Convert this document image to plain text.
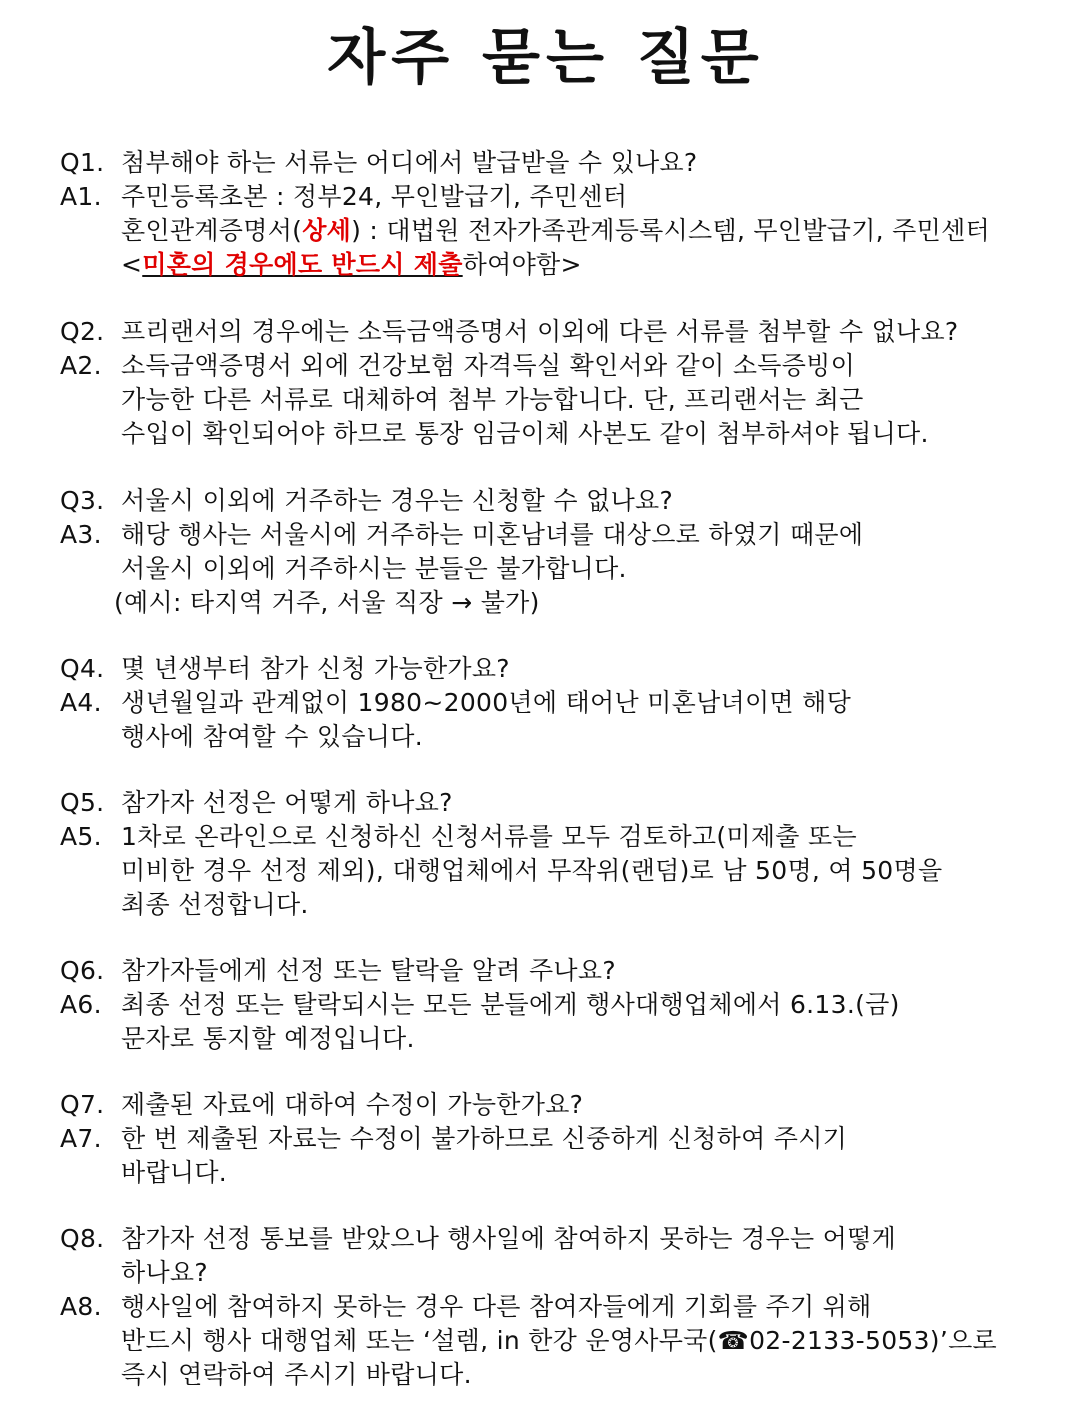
자주 묻는 질문
Q1. 첨부해야 하는 서류는 어디에서 발급받을 수 있나요?
A1. 주민등록초본 : 정부24, 무인발급기, 주민센터
혼인관계증명서(상세) : 대법원 전자가족관계등록시스템, 무인발급기, 주민센터
<미혼의 경우에도 반드시 제출하여야함>
Q2. 프리랜서의 경우에는 소득금액증명서 이외에 다른 서류를 첨부할 수 없나요?
A2. 소득금액증명서 외에 건강보험 자격득실 확인서와 같이 소득증빙이
가능한 다른 서류로 대체하여 첨부 가능합니다. 단, 프리랜서는 최근
수입이 확인되어야 하므로 통장 임금이체 사본도 같이 첨부하셔야 됩니다.
Q3. 서울시 이외에 거주하는 경우는 신청할 수 없나요?
A3. 해당 행사는 서울시에 거주하는 미혼남녀를 대상으로 하였기 때문에
서울시 이외에 거주하시는 분들은 불가합니다.
(예시: 타지역 거주, 서울 직장 → 불가)
Q4. 몇 년생부터 참가 신청 가능한가요?
A4. 생년월일과 관계없이 1980~2000년에 태어난 미혼남녀이면 해당
행사에 참여할 수 있습니다.
Q5. 참가자 선정은 어떻게 하나요?
A5. 1차로 온라인으로 신청하신 신청서류를 모두 검토하고(미제출 또는
미비한 경우 선정 제외), 대행업체에서 무작위(랜덤)로 남 50명, 여 50명을
최종 선정합니다.
Q6. 참가자들에게 선정 또는 탈락을 알려 주나요?
A6. 최종 선정 또는 탈락되시는 모든 분들에게 행사대행업체에서 6.13.(금)
문자로 통지할 예정입니다.
Q7. 제출된 자료에 대하여 수정이 가능한가요?
A7. 한 번 제출된 자료는 수정이 불가하므로 신중하게 신청하여 주시기
바랍니다.
Q8. 참가자 선정 통보를 받았으나 행사일에 참여하지 못하는 경우는 어떻게
하나요?
A8. 행사일에 참여하지 못하는 경우 다른 참여자들에게 기회를 주기 위해
반드시 행사 대행업체 또는 ‘설렘, in 한강 운영사무국(☎02-2133-5053)’으로
즉시 연락하여 주시기 바랍니다.
